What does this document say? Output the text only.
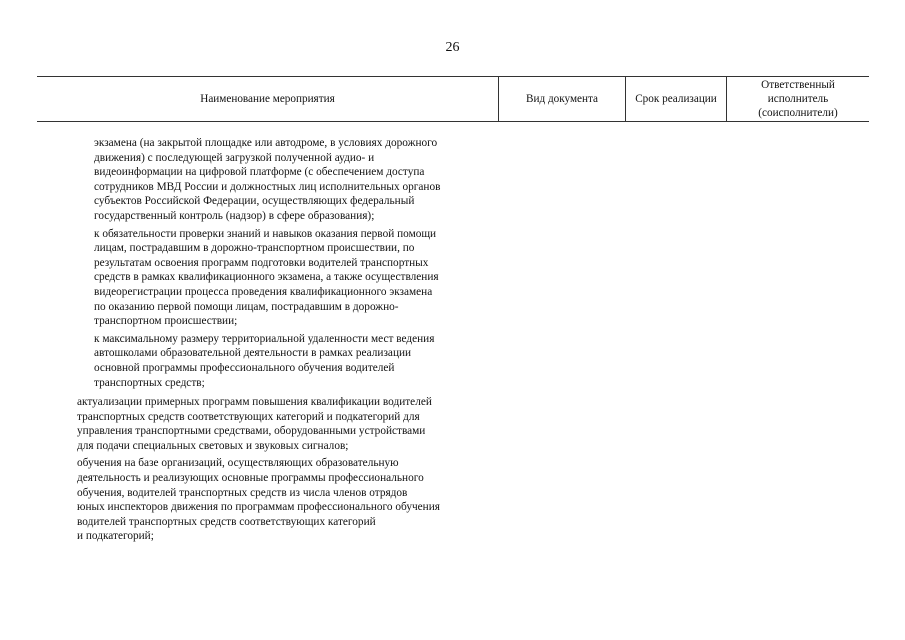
26
Наименование мероприятия	Вид документа	Срок реализации
Ответственный
исполнитель
(соисполнители)
экзамена (на закрытой площадке или автодроме, в условиях дорожного
движения) с последующей загрузкой полученной аудио- и
видеоинформации на цифровой платформе (с обеспечением доступа
сотрудников МВД России и должностных лиц исполнительных органов
субъектов Российской Федерации, осуществляющих федеральный
государственный контроль (надзор) в сфере образования);
к обязательности проверки знаний и навыков оказания первой помощи
лицам, пострадавшим в дорожно-транспортном происшествии, по
результатам освоения программ подготовки водителей транспортных
средств в рамках квалификационного экзамена, а также осуществления
видеорегистрации процесса проведения квалификационного экзамена
по оказанию первой помощи лицам, пострадавшим в дорожно-
транспортном происшествии;
к максимальному размеру территориальной удаленности мест ведения
автошколами образовательной деятельности в рамках реализации
основной программы профессионального обучения водителей
транспортных средств;
актуализации примерных программ повышения квалификации водителей
транспортных средств соответствующих категорий и подкатегорий для
управления транспортными средствами, оборудованными устройствами
для подачи специальных световых и звуковых сигналов;
обучения на базе организаций, осуществляющих образовательную
деятельность и реализующих основные программы профессионального
обучения, водителей транспортных средств из числа членов отрядов
юных инспекторов движения по программам профессионального обучения
водителей транспортных средств соответствующих категорий
и подкатегорий;
